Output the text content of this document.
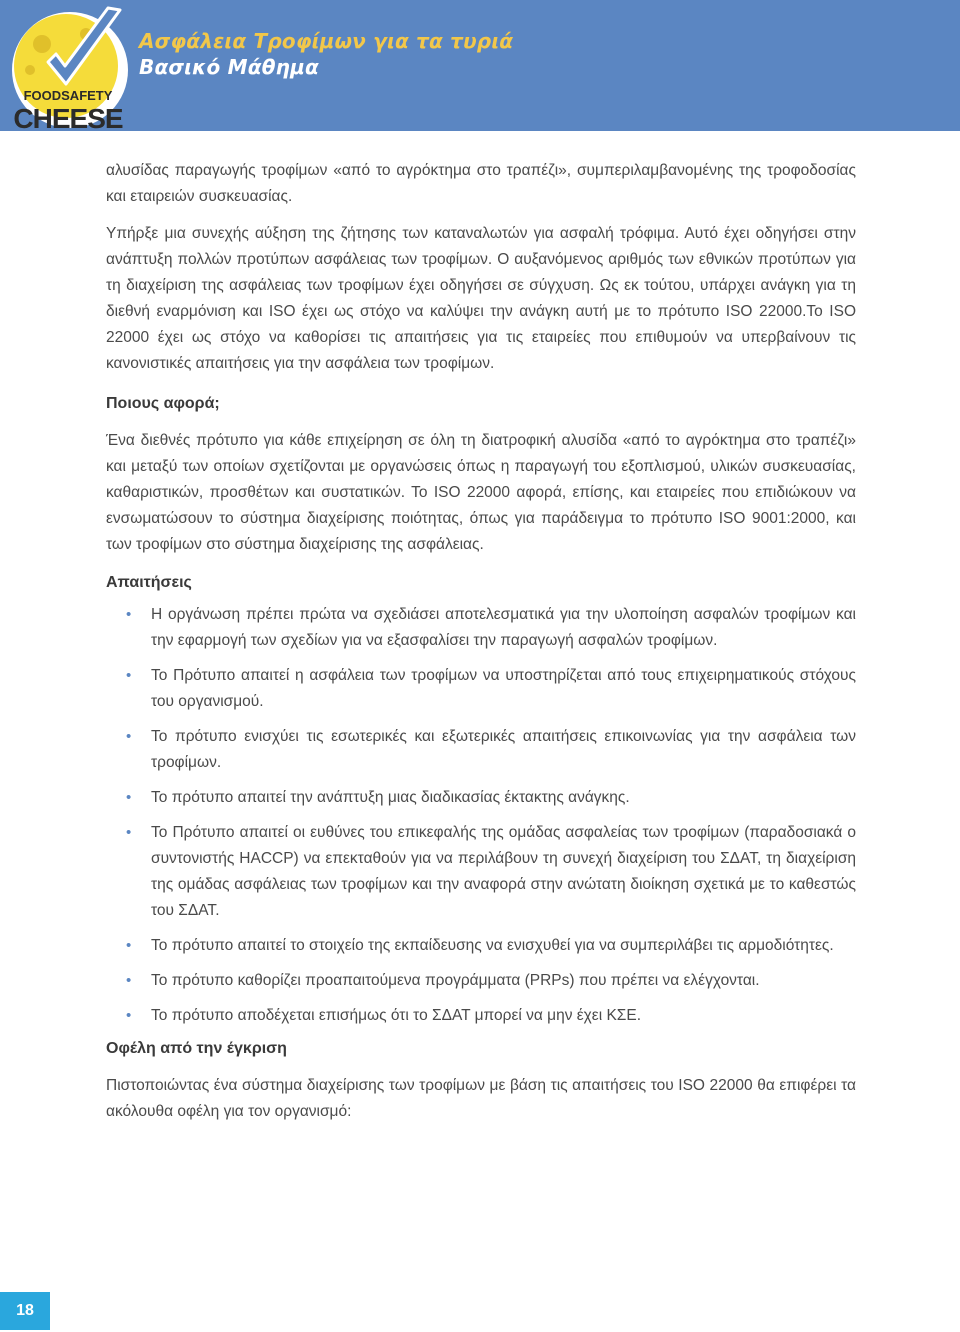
FOODSAFETY
CHEESE
Ασφάλεια Τροφίμων για τα τυριά
Βασικό Μάθημα

αλυσίδας παραγωγής τροφίμων «από το αγρόκτημα στο τραπέζι», συμπεριλαμβανομένης της τροφοδοσίας και εταιρειών συσκευασίας.

Υπήρξε μια συνεχής αύξηση της ζήτησης των καταναλωτών για ασφαλή τρόφιμα. Αυτό έχει οδηγήσει στην ανάπτυξη πολλών προτύπων ασφάλειας των τροφίμων. Ο αυξανόμενος αριθμός των εθνικών προτύπων για τη διαχείριση της ασφάλειας των τροφίμων έχει οδηγήσει σε σύγχυση. Ως εκ τούτου, υπάρχει ανάγκη για τη διεθνή εναρμόνιση και ISO έχει ως στόχο να καλύψει την ανάγκη αυτή με το πρότυπο ISO 22000.Το ISO 22000 έχει ως στόχο να καθορίσει τις απαιτήσεις για τις εταιρείες που επιθυμούν να υπερβαίνουν τις κανονιστικές απαιτήσεις για την ασφάλεια των τροφίμων.

Ποιους αφορά;

Ένα διεθνές πρότυπο για κάθε επιχείρηση σε όλη τη διατροφική αλυσίδα «από το αγρόκτημα στο τραπέζι» και μεταξύ των οποίων σχετίζονται με οργανώσεις όπως η παραγωγή του εξοπλισμού, υλικών συσκευασίας, καθαριστικών, προσθέτων και συστατικών. Το ISO 22000 αφορά, επίσης, και εταιρείες που επιδιώκουν να ενσωματώσουν το σύστημα διαχείρισης ποιότητας, όπως για παράδειγμα το πρότυπο ISO 9001:2000, και των τροφίμων στο σύστημα διαχείρισης της ασφάλειας.

Απαιτήσεις
• Η οργάνωση πρέπει πρώτα να σχεδιάσει αποτελεσματικά για την υλοποίηση ασφαλών τροφίμων και την εφαρμογή των σχεδίων για να εξασφαλίσει την παραγωγή ασφαλών τροφίμων.
• Το Πρότυπο απαιτεί η ασφάλεια των τροφίμων να υποστηρίζεται από τους επιχειρηματικούς στόχους του οργανισμού.
• Το πρότυπο ενισχύει τις εσωτερικές και εξωτερικές απαιτήσεις επικοινωνίας για την ασφάλεια των τροφίμων.
• Το πρότυπο απαιτεί την ανάπτυξη μιας διαδικασίας έκτακτης ανάγκης.
• Το Πρότυπο απαιτεί οι ευθύνες του επικεφαλής της ομάδας ασφαλείας των τροφίμων (παραδοσιακά ο συντονιστής HACCP) να επεκταθούν για να περιλάβουν τη συνεχή διαχείριση του ΣΔΑΤ, τη διαχείριση της ομάδας ασφάλειας των τροφίμων και την αναφορά στην ανώτατη διοίκηση σχετικά με το καθεστώς του ΣΔΑΤ.
• Το πρότυπο απαιτεί το στοιχείο της εκπαίδευσης να ενισχυθεί για να συμπεριλάβει τις αρμοδιότητες.
• Το πρότυπο καθορίζει προαπαιτούμενα προγράμματα (PRPs) που πρέπει να ελέγχονται.
• Το πρότυπο αποδέχεται επισήμως ότι το ΣΔΑΤ μπορεί να μην έχει ΚΣΕ.
Οφέλη από την έγκριση

Πιστοποιώντας ένα σύστημα διαχείρισης των τροφίμων με βάση τις απαιτήσεις του ISO 22000 θα επιφέρει τα ακόλουθα οφέλη για τον οργανισμό:

18
